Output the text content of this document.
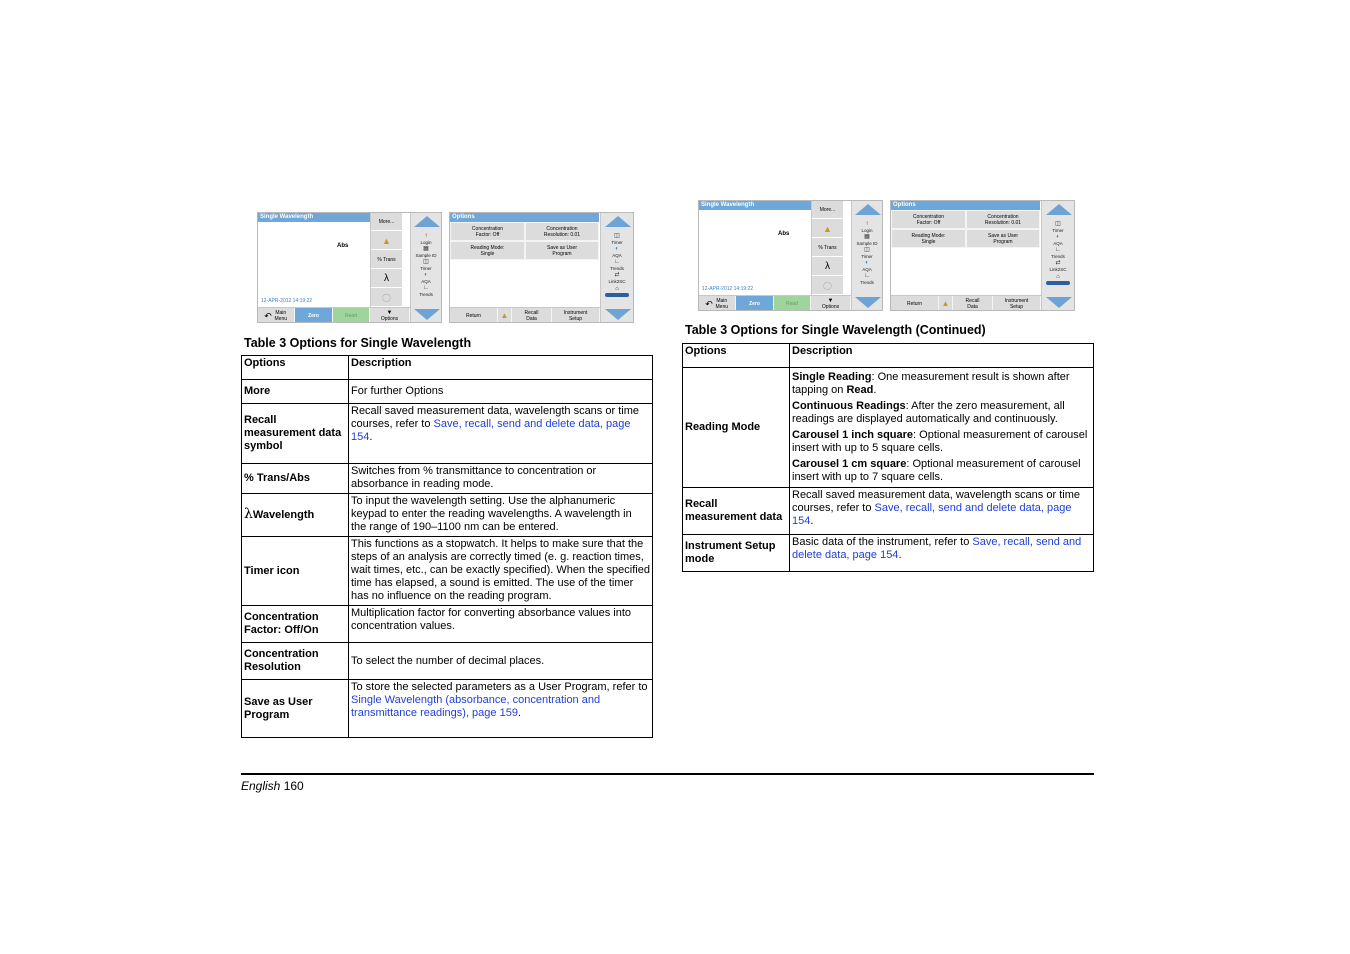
Single Wavelength
Abs
12-APR-2012 14:19:22
More...
▲
% Trans
λ
◯
↑
Login
▦
Sample ID
◫
Timer
◐
AQA
∟
Trends
↶ Main Menu	Zero	Read
▼
Options
Options
Concentration Factor: Off
Concentration Resolution: 0.01
Reading Mode: Single
Save as User Program
◫
Timer
◐
AQA
∟
Trends
⇄
Link2SC
⌂
Return	▲	Recall Data
Instrument Setup
Single Wavelength
Abs
12-APR-2012 14:19:22
More...
▲
% Trans
λ
◯
↑
Login
▦
Sample ID
◫
Timer
◐
AQA
∟
Trends
↶ Main Menu	Zero	Read
▼
Options
Options
Concentration Factor: Off
Concentration Resolution: 0.01
Reading Mode: Single
Save as User Program
◫
Timer
◐
AQA
∟
Trends
⇄
Link2SC
⌂
Return	▲	Recall Data
Instrument Setup
Table 3 Options for Single Wavelength
Options	Description
More	For further Options
Recall measurement data symbol	Recall saved measurement data, wavelength scans or time courses, refer to Save, recall, send and delete data, page 154.
% Trans/Abs	Switches from % transmittance to concentration or absorbance in reading mode.
λWavelength	To input the wavelength setting. Use the alphanumeric keypad to enter the reading wavelengths. A wavelength in the range of 190–1100 nm can be entered.
Timer icon	This functions as a stopwatch. It helps to make sure that the steps of an analysis are correctly timed (e. g. reaction times, wait times, etc., can be exactly specified). When the specified time has elapsed, a sound is emitted. The use of the timer has no influence on the reading program.
Concentration Factor: Off/On	Multiplication factor for converting absorbance values into concentration values.
Concentration Resolution	To select the number of decimal places.
Save as User Program	To store the selected parameters as a User Program, refer to Single Wavelength (absorbance, concentration and transmittance readings), page 159.
Table 3 Options for Single Wavelength (Continued)
Options	Description
Reading Mode	Single Reading: One measurement result is shown after tapping on Read.
Continuous Readings: After the zero measurement, all readings are displayed automatically and continuously.
Carousel 1 inch square: Optional measurement of carousel insert with up to 5 square cells.
Carousel 1 cm square: Optional measurement of carousel insert with up to 7 square cells.

Recall measurement data	Recall saved measurement data, wavelength scans or time courses, refer to Save, recall, send and delete data, page 154.
Instrument Setup mode	Basic data of the instrument, refer to Save, recall, send and delete data, page 154.
English 160
